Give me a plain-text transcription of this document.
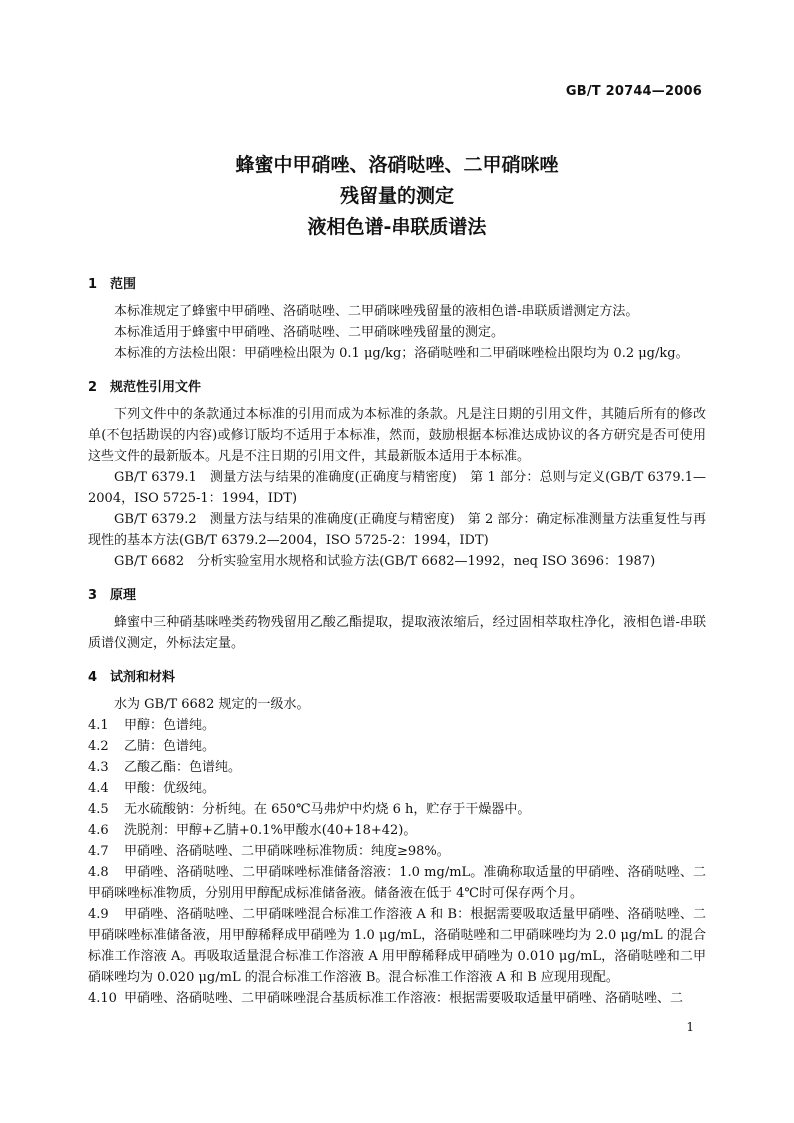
GB/T 20744—2006
蜂蜜中甲硝唑、洛硝哒唑、二甲硝咪唑
残留量的测定
液相色谱-串联质谱法
1 范围

本标准规定了蜂蜜中甲硝唑、洛硝哒唑、二甲硝咪唑残留量的液相色谱-串联质谱测定方法。

本标准适用于蜂蜜中甲硝唑、洛硝哒唑、二甲硝咪唑残留量的测定。

本标准的方法检出限：甲硝唑检出限为 0.1 μg/kg；洛硝哒唑和二甲硝咪唑检出限均为 0.2 μg/kg。

2 规范性引用文件

下列文件中的条款通过本标准的引用而成为本标准的条款。凡是注日期的引用文件，其随后所有的修改单(不包括勘误的内容)或修订版均不适用于本标准，然而，鼓励根据本标准达成协议的各方研究是否可使用这些文件的最新版本。凡是不注日期的引用文件，其最新版本适用于本标准。

GB/T 6379.1　测量方法与结果的准确度(正确度与精密度)　第 1 部分：总则与定义(GB/T 6379.1—2004，ISO 5725-1：1994，IDT)

GB/T 6379.2　测量方法与结果的准确度(正确度与精密度)　第 2 部分：确定标准测量方法重复性与再现性的基本方法(GB/T 6379.2—2004，ISO 5725-2：1994，IDT)

GB/T 6682　分析实验室用水规格和试验方法(GB/T 6682—1992，neq ISO 3696：1987)

3 原理

蜂蜜中三种硝基咪唑类药物残留用乙酸乙酯提取，提取液浓缩后，经过固相萃取柱净化，液相色谱-串联质谱仪测定，外标法定量。

4 试剂和材料

水为 GB/T 6682 规定的一级水。

4.1 甲醇：色谱纯。

4.2 乙腈：色谱纯。

4.3 乙酸乙酯：色谱纯。

4.4 甲酸：优级纯。

4.5 无水硫酸钠：分析纯。在 650℃马弗炉中灼烧 6 h，贮存于干燥器中。

4.6 洗脱剂：甲醇+乙腈+0.1%甲酸水(40+18+42)。

4.7 甲硝唑、洛硝哒唑、二甲硝咪唑标准物质：纯度≥98%。

4.8 甲硝唑、洛硝哒唑、二甲硝咪唑标准储备溶液：1.0 mg/mL。准确称取适量的甲硝唑、洛硝哒唑、二甲硝咪唑标准物质，分别用甲醇配成标准储备液。储备液在低于 4℃时可保存两个月。

4.9 甲硝唑、洛硝哒唑、二甲硝咪唑混合标准工作溶液 A 和 B：根据需要吸取适量甲硝唑、洛硝哒唑、二甲硝咪唑标准储备液，用甲醇稀释成甲硝唑为 1.0 μg/mL，洛硝哒唑和二甲硝咪唑均为 2.0 μg/mL 的混合标准工作溶液 A。再吸取适量混合标准工作溶液 A 用甲醇稀释成甲硝唑为 0.010 μg/mL，洛硝哒唑和二甲硝咪唑均为 0.020 μg/mL 的混合标准工作溶液 B。混合标准工作溶液 A 和 B 应现用现配。

4.10 甲硝唑、洛硝哒唑、二甲硝咪唑混合基质标准工作溶液：根据需要吸取适量甲硝唑、洛硝哒唑、二

1
